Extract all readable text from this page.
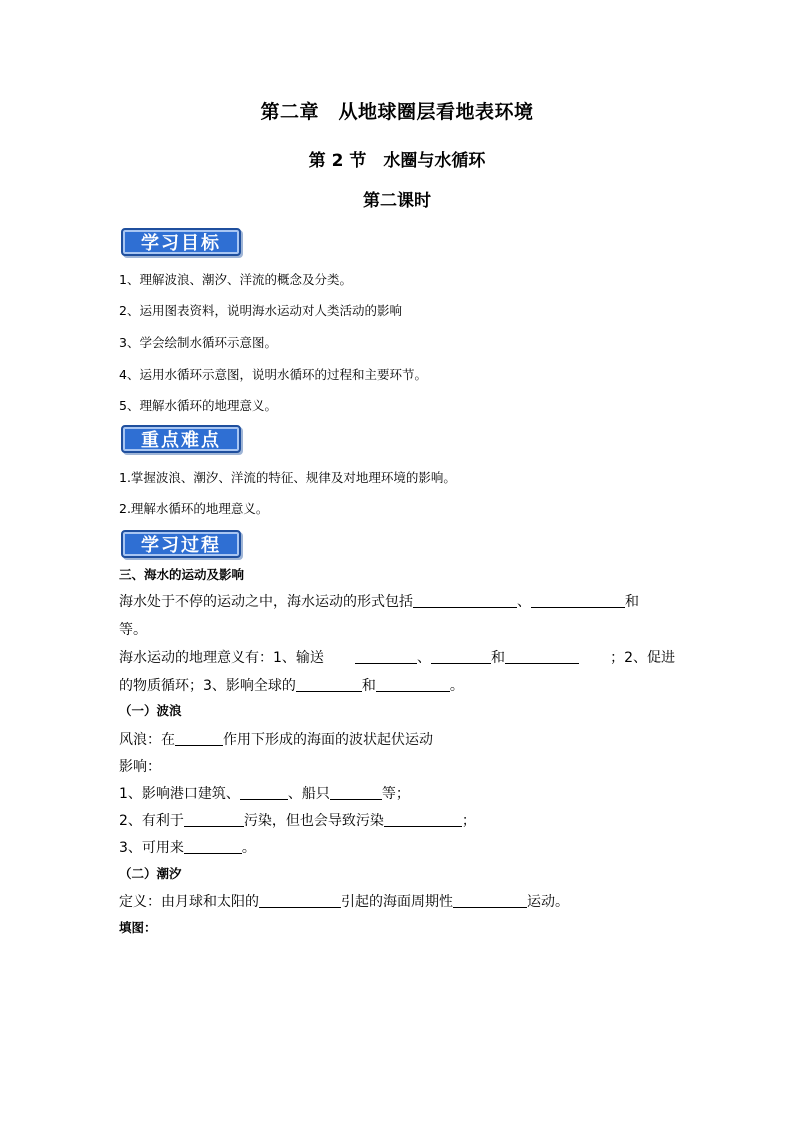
第二章　从地球圈层看地表环境
第 2 节　水圈与水循环
第二课时
学习目标

1、理解波浪、潮汐、洋流的概念及分类。

2、运用图表资料，说明海水运动对人类活动的影响

3、学会绘制水循环示意图。

4、运用水循环示意图，说明水循环的过程和主要环节。

5、理解水循环的地理意义。

重点难点

1.掌握波浪、潮汐、洋流的特征、规律及对地理环境的影响。

2.理解水循环的地理意义。

学习过程

三、海水的运动及影响

海水处于不停的运动之中，海水运动的形式包括	、	和

等。

海水运动的地理意义有：1、输送	、	和	；2、促进

的物质循环；3、影响全球的	和	。

（一）波浪

风浪：在	作用下形成的海面的波状起伏运动

影响：

1、影响港口建筑、	、船只	等；

2、有利于	污染，但也会导致污染	；

3、可用来	。

（二）潮汐

定义：由月球和太阳的	引起的海面周期性	运动。

填图：
